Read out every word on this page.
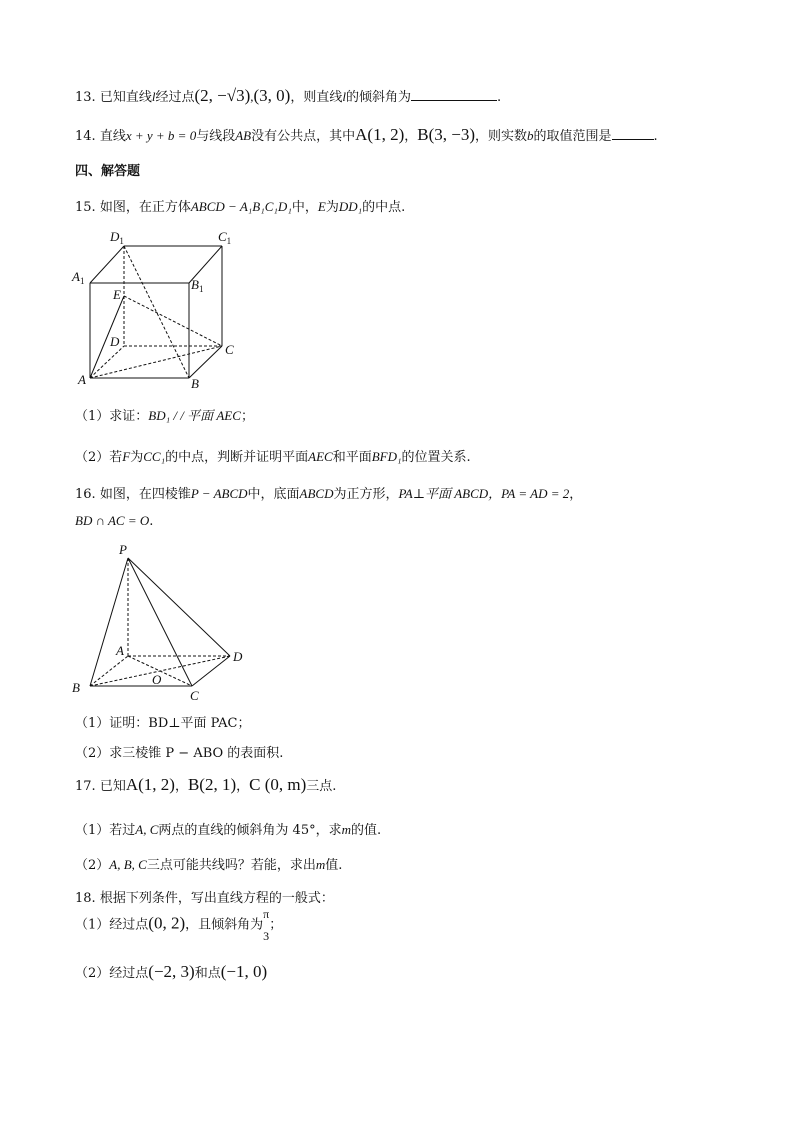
13. 已知直线l经过点(2, −√3),(3, 0)，则直线l的倾斜角为	.
14. 直线x + y + b = 0与线段AB没有公共点，其中A(1, 2)，B(3, −3)，则实数b的取值范围是	.
四、解答题
15. 如图，在正方体ABCD − A₁B₁C₁D₁中，E为DD₁的中点.
$D_1$	$C_1$
$A_1$	$B_1$
E
D
C
A	B
（1）求证：BD₁ / / 平面 AEC；
（2）若F为CC₁的中点，判断并证明平面AEC和平面BFD₁的位置关系.
16. 如图，在四棱锥P − ABCD中，底面ABCD为正方形，PA⊥平面 ABCD，PA = AD = 2，
BD ∩ AC = O.
P
A	D
B
O
C
（1）证明：BD⊥平面 PAC；
（2）求三棱锥 P − ABO 的表面积.
17. 已知A(1, 2)，B(2, 1)，C (0, m)三点.
（1）若过A, C两点的直线的倾斜角为 45°，求m的值.
（2）A, B, C三点可能共线吗？若能，求出m值.
18. 根据下列条件，写出直线方程的一般式：
（1）经过点(0, 2)，且倾斜角为
π
3
；
（2）经过点(−2, 3)和点(−1, 0)
